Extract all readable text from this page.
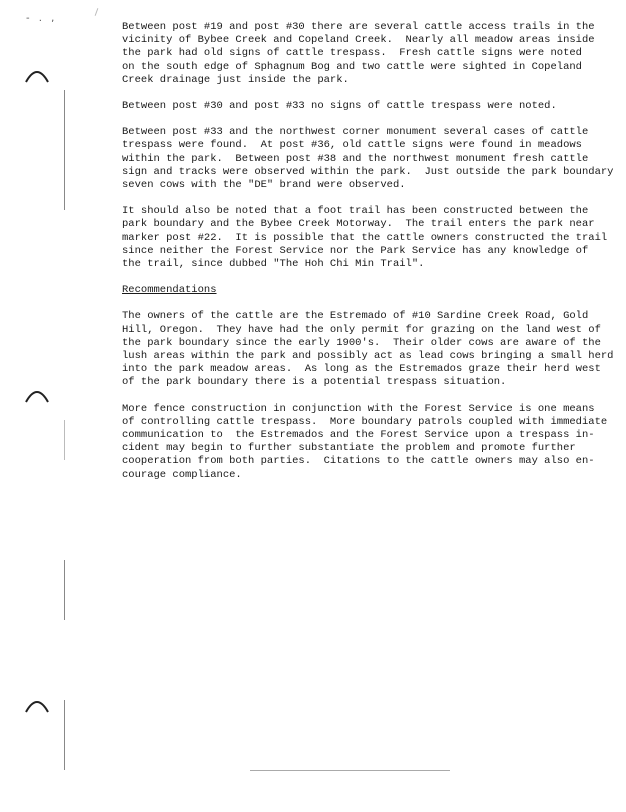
- . ,
Between post #19 and post #30 there are several cattle access trails in the
vicinity of Bybee Creek and Copeland Creek.  Nearly all meadow areas inside
the park had old signs of cattle trespass.  Fresh cattle signs were noted
on the south edge of Sphagnum Bog and two cattle were sighted in Copeland
Creek drainage just inside the park.
Between post #30 and post #33 no signs of cattle trespass were noted.
Between post #33 and the northwest corner monument several cases of cattle
trespass were found.  At post #36, old cattle signs were found in meadows
within the park.  Between post #38 and the northwest monument fresh cattle
sign and tracks were observed within the park.  Just outside the park boundary
seven cows with the "DE" brand were observed.
It should also be noted that a foot trail has been constructed between the
park boundary and the Bybee Creek Motorway.  The trail enters the park near
marker post #22.  It is possible that the cattle owners constructed the trail
since neither the Forest Service nor the Park Service has any knowledge of
the trail, since dubbed "The Hoh Chi Min Trail".
Recommendations
The owners of the cattle are the Estremado of #10 Sardine Creek Road, Gold
Hill, Oregon.  They have had the only permit for grazing on the land west of
the park boundary since the early 1900's.  Their older cows are aware of the
lush areas within the park and possibly act as lead cows bringing a small herd
into the park meadow areas.  As long as the Estremados graze their herd west
of the park boundary there is a potential trespass situation.
More fence construction in conjunction with the Forest Service is one means
of controlling cattle trespass.  More boundary patrols coupled with immediate
communication to  the Estremados and the Forest Service upon a trespass in-
cident may begin to further substantiate the problem and promote further
cooperation from both parties.  Citations to the cattle owners may also en-
courage compliance.
